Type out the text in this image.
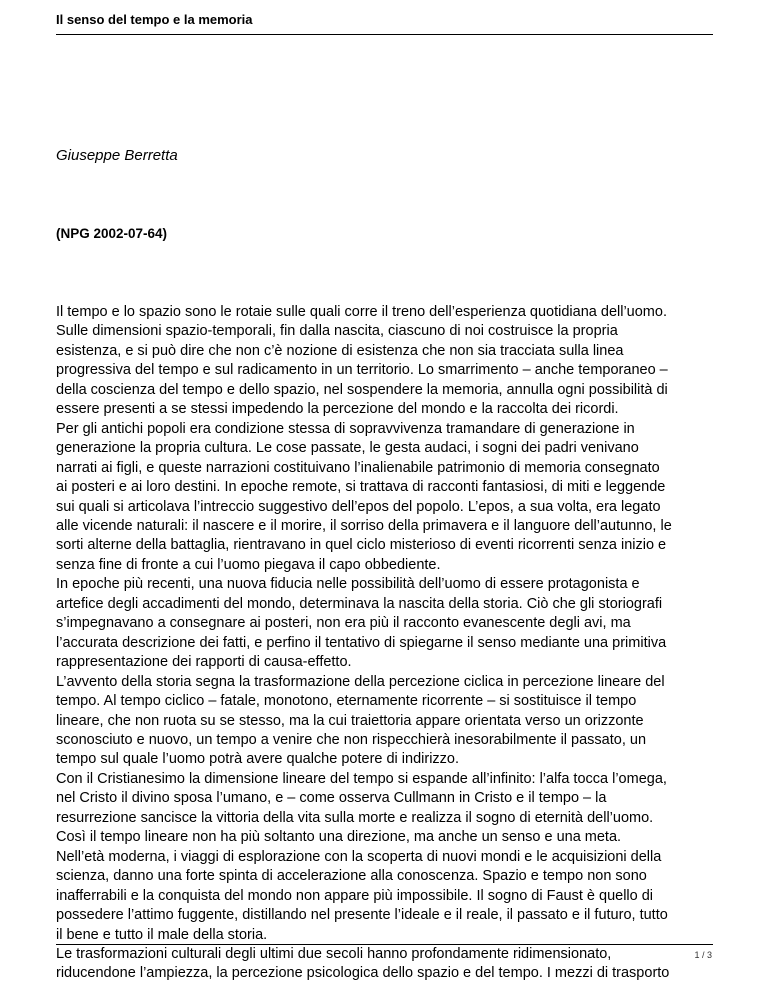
Il senso del tempo e la memoria
Giuseppe Berretta
(NPG 2002-07-64)
Il tempo e lo spazio sono le rotaie sulle quali corre il treno dell’esperienza quotidiana dell’uomo.
Sulle dimensioni spazio-temporali, fin dalla nascita, ciascuno di noi costruisce la propria
esistenza, e si può dire che non c’è nozione di esistenza che non sia tracciata sulla linea
progressiva del tempo e sul radicamento in un territorio. Lo smarrimento – anche temporaneo –
della coscienza del tempo e dello spazio, nel sospendere la memoria, annulla ogni possibilità di
essere presenti a se stessi impedendo la percezione del mondo e la raccolta dei ricordi.
Per gli antichi popoli era condizione stessa di sopravvivenza tramandare di generazione in
generazione la propria cultura. Le cose passate, le gesta audaci, i sogni dei padri venivano
narrati ai figli, e queste narrazioni costituivano l’inalienabile patrimonio di memoria consegnato
ai posteri e ai loro destini. In epoche remote, si trattava di racconti fantasiosi, di miti e leggende
sui quali si articolava l’intreccio suggestivo dell’epos del popolo. L’epos, a sua volta, era legato
alle vicende naturali: il nascere e il morire, il sorriso della primavera e il languore dell’autunno, le
sorti alterne della battaglia, rientravano in quel ciclo misterioso di eventi ricorrenti senza inizio e
senza fine di fronte a cui l’uomo piegava il capo obbediente.
In epoche più recenti, una nuova fiducia nelle possibilità dell’uomo di essere protagonista e
artefice degli accadimenti del mondo, determinava la nascita della storia. Ciò che gli storiografi
s’impegnavano a consegnare ai posteri, non era più il racconto evanescente degli avi, ma
l’accurata descrizione dei fatti, e perfino il tentativo di spiegarne il senso mediante una primitiva
rappresentazione dei rapporti di causa-effetto.
L’avvento della storia segna la trasformazione della percezione ciclica in percezione lineare del
tempo. Al tempo ciclico – fatale, monotono, eternamente ricorrente – si sostituisce il tempo
lineare, che non ruota su se stesso, ma la cui traiettoria appare orientata verso un orizzonte
sconosciuto e nuovo, un tempo a venire che non rispecchierà inesorabilmente il passato, un
tempo sul quale l’uomo potrà avere qualche potere di indirizzo.
Con il Cristianesimo la dimensione lineare del tempo si espande all’infinito: l’alfa tocca l’omega,
nel Cristo il divino sposa l’umano, e – come osserva Cullmann in Cristo e il tempo – la
resurrezione sancisce la vittoria della vita sulla morte e realizza il sogno di eternità dell’uomo.
Così il tempo lineare non ha più soltanto una direzione, ma anche un senso e una meta.
Nell’età moderna, i viaggi di esplorazione con la scoperta di nuovi mondi e le acquisizioni della
scienza, danno una forte spinta di accelerazione alla conoscenza. Spazio e tempo non sono
inafferrabili e la conquista del mondo non appare più impossibile. Il sogno di Faust è quello di
possedere l’attimo fuggente, distillando nel presente l’ideale e il reale, il passato e il futuro, tutto
il bene e tutto il male della storia.
Le trasformazioni culturali degli ultimi due secoli hanno profondamente ridimensionato,
riducendone l’ampiezza, la percezione psicologica dello spazio e del tempo. I mezzi di trasporto
1 / 3
